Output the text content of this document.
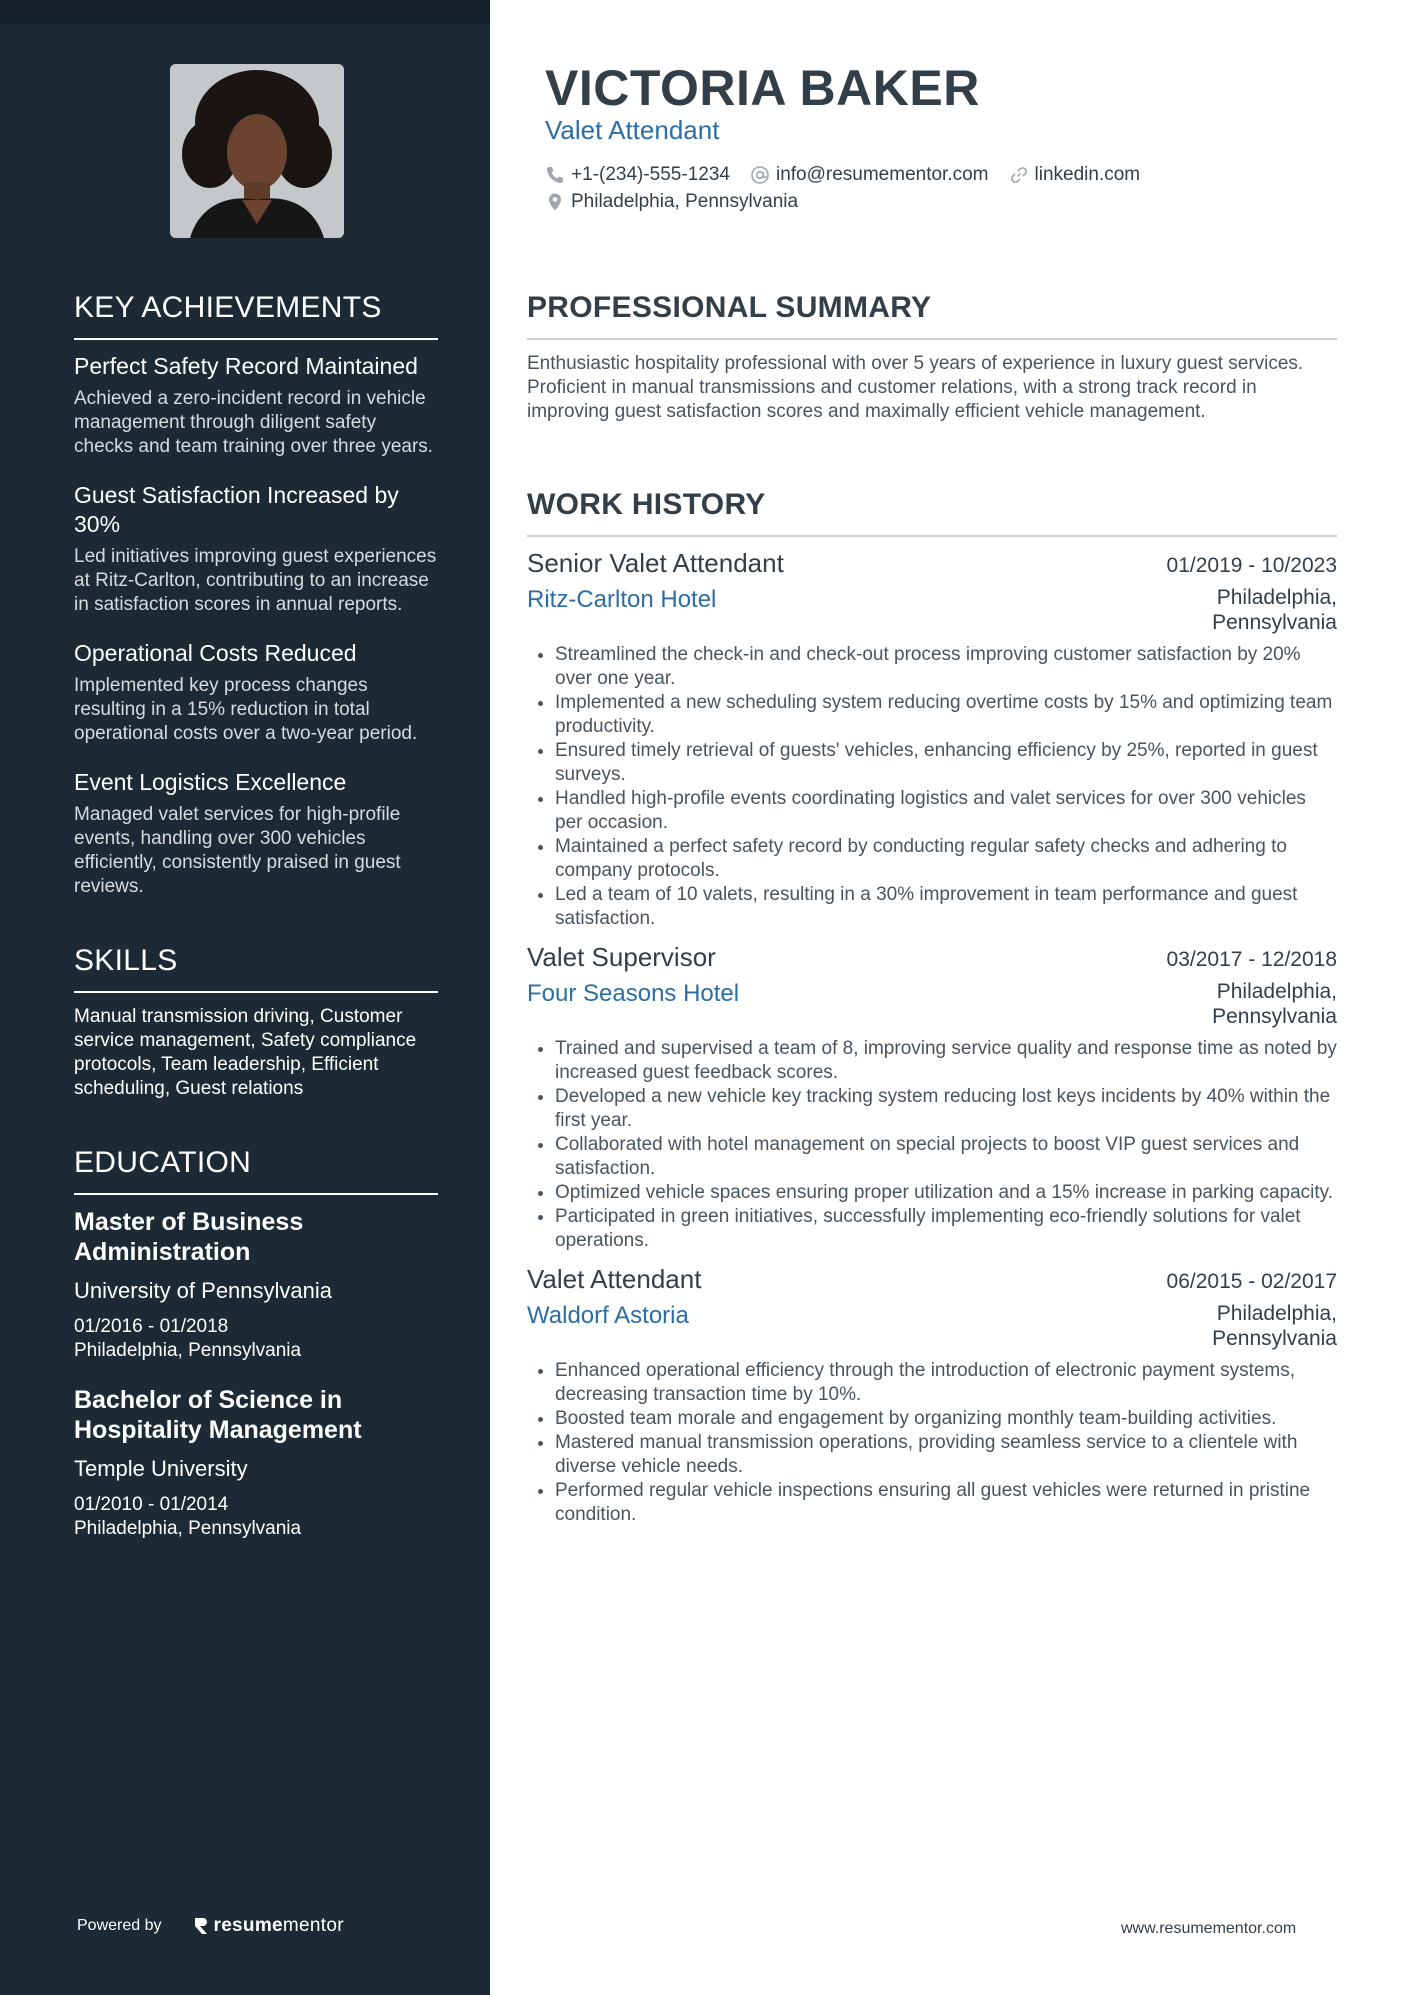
KEY ACHIEVEMENTS

Perfect Safety Record Maintained

Achieved a zero-incident record in vehicle management through diligent safety checks and team training over three years.

Guest Satisfaction Increased by 30%

Led initiatives improving guest experiences at Ritz-Carlton, contributing to an increase in satisfaction scores in annual reports.

Operational Costs Reduced

Implemented key process changes resulting in a 15% reduction in total operational costs over a two-year period.

Event Logistics Excellence

Managed valet services for high-profile events, handling over 300 vehicles efficiently, consistently praised in guest reviews.

SKILLS
Manual transmission driving, Customer service management, Safety compliance protocols, Team leadership, Efficient scheduling, Guest relations
EDUCATION

Master of Business Administration

University of Pennsylvania

01/2016 - 01/2018
Philadelphia, Pennsylvania

Bachelor of Science in Hospitality Management

Temple University

01/2010 - 01/2014
Philadelphia, Pennsylvania
Powered by	resume mentor
VICTORIA BAKER
Valet Attendant
+1-(234)-555-1234 info@resumementor.com linkedin.com
Philadelphia, Pennsylvania
PROFESSIONAL SUMMARY
Enthusiastic hospitality professional with over 5 years of experience in luxury guest services. Proficient in manual transmissions and customer relations, with a strong track record in improving guest satisfaction scores and maximally efficient vehicle management.
WORK HISTORY
Senior Valet Attendant	01/2019 - 10/2023
Ritz-Carlton Hotel	Philadelphia, Pennsylvania
• Streamlined the check-in and check-out process improving customer satisfaction by 20% over one year.
• Implemented a new scheduling system reducing overtime costs by 15% and optimizing team productivity.
• Ensured timely retrieval of guests' vehicles, enhancing efficiency by 25%, reported in guest surveys.
• Handled high-profile events coordinating logistics and valet services for over 300 vehicles per occasion.
• Maintained a perfect safety record by conducting regular safety checks and adhering to company protocols.
• Led a team of 10 valets, resulting in a 30% improvement in team performance and guest satisfaction.
Valet Supervisor	03/2017 - 12/2018
Four Seasons Hotel	Philadelphia, Pennsylvania
• Trained and supervised a team of 8, improving service quality and response time as noted by increased guest feedback scores.
• Developed a new vehicle key tracking system reducing lost keys incidents by 40% within the first year.
• Collaborated with hotel management on special projects to boost VIP guest services and satisfaction.
• Optimized vehicle spaces ensuring proper utilization and a 15% increase in parking capacity.
• Participated in green initiatives, successfully implementing eco-friendly solutions for valet operations.
Valet Attendant	06/2015 - 02/2017
Waldorf Astoria	Philadelphia, Pennsylvania
• Enhanced operational efficiency through the introduction of electronic payment systems, decreasing transaction time by 10%.
• Boosted team morale and engagement by organizing monthly team-building activities.
• Mastered manual transmission operations, providing seamless service to a clientele with diverse vehicle needs.
• Performed regular vehicle inspections ensuring all guest vehicles were returned in pristine condition.
www.resumementor.com
